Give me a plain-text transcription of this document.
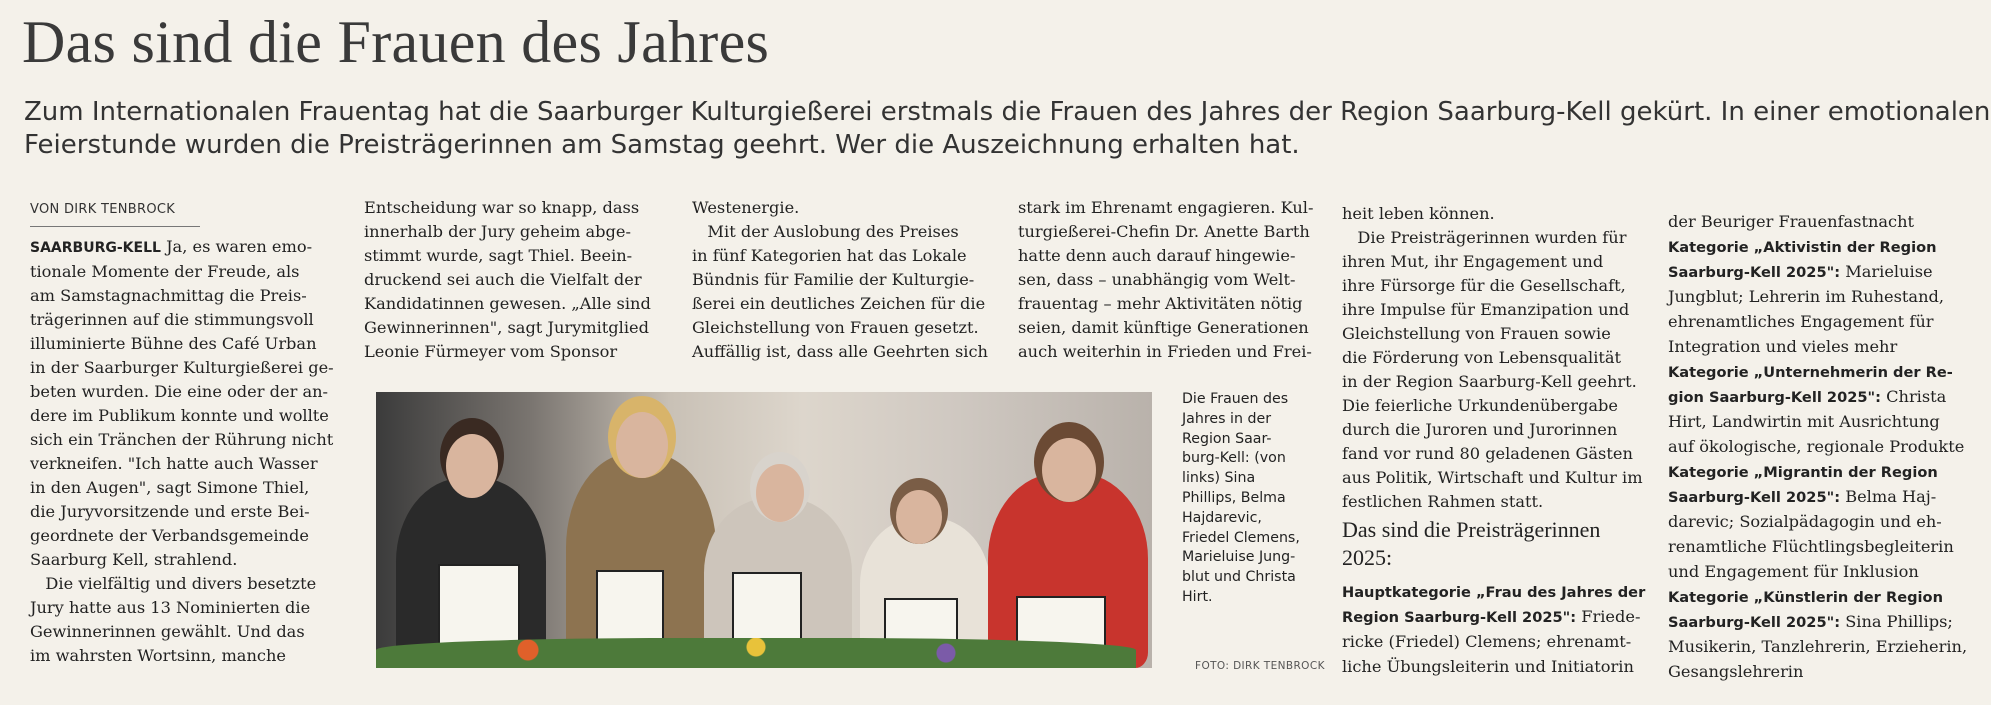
Das sind die Frauen des Jahres
Zum Internationalen Frauentag hat die Saarburger Kulturgießerei erstmals die Frauen des Jahres der Region Saarburg-Kell gekürt. In einer emotionalen
Feierstunde wurden die Preisträgerinnen am Samstag geehrt. Wer die Auszeichnung erhalten hat.
VON DIRK TENBROCK
SAARBURG-KELL Ja, es waren emo-
tionale Momente der Freude, als
am Samstagnachmittag die Preis-
trägerinnen auf die stimmungsvoll
illuminierte Bühne des Café Urban
in der Saarburger Kulturgießerei ge-
beten wurden. Die eine oder der an-
dere im Publikum konnte und wollte
sich ein Tränchen der Rührung nicht
verkneifen. "Ich hatte auch Wasser
in den Augen", sagt Simone Thiel,
die Juryvorsitzende und erste Bei-
geordnete der Verbandsgemeinde
Saarburg Kell, strahlend.
Die vielfältig und divers besetzte
Jury hatte aus 13 Nominierten die
Gewinnerinnen gewählt. Und das
im wahrsten Wortsinn, manche
Entscheidung war so knapp, dass
innerhalb der Jury geheim abge-
stimmt wurde, sagt Thiel. Beein-
druckend sei auch die Vielfalt der
Kandidatinnen gewesen. „Alle sind
Gewinnerinnen", sagt Jurymitglied
Leonie Fürmeyer vom Sponsor
Westenergie.
Mit der Auslobung des Preises
in fünf Kategorien hat das Lokale
Bündnis für Familie der Kulturgie-
ßerei ein deutliches Zeichen für die
Gleichstellung von Frauen gesetzt.
Auffällig ist, dass alle Geehrten sich
stark im Ehrenamt engagieren. Kul-
turgießerei-Chefin Dr. Anette Barth
hatte denn auch darauf hingewie-
sen, dass – unabhängig vom Welt-
frauentag – mehr Aktivitäten nötig
seien, damit künftige Generationen
auch weiterhin in Frieden und Frei-
heit leben können.
Die Preisträgerinnen wurden für
ihren Mut, ihr Engagement und
ihre Fürsorge für die Gesellschaft,
ihre Impulse für Emanzipation und
Gleichstellung von Frauen sowie
die Förderung von Lebensqualität
in der Region Saarburg-Kell geehrt.
Die feierliche Urkundenübergabe
durch die Juroren und Jurorinnen
fand vor rund 80 geladenen Gästen
aus Politik, Wirtschaft und Kultur im
festlichen Rahmen statt.
Das sind die Preisträgerinnen
2025:
Hauptkategorie „Frau des Jahres der
Region Saarburg-Kell 2025": Friede-
ricke (Friedel) Clemens; ehrenamt-
liche Übungsleiterin und Initiatorin
der Beuriger Frauenfastnacht
Kategorie „Aktivistin der Region
Saarburg-Kell 2025": Marieluise
Jungblut; Lehrerin im Ruhestand,
ehrenamtliches Engagement für
Integration und vieles mehr
Kategorie „Unternehmerin der Re-
gion Saarburg-Kell 2025": Christa
Hirt, Landwirtin mit Ausrichtung
auf ökologische, regionale Produkte
Kategorie „Migrantin der Region
Saarburg-Kell 2025": Belma Haj-
darevic; Sozialpädagogin und eh-
renamtliche Flüchtlingsbegleiterin
und Engagement für Inklusion
Kategorie „Künstlerin der Region
Saarburg-Kell 2025": Sina Phillips;
Musikerin, Tanzlehrerin, Erzieherin,
Gesangslehrerin
Die Frauen des
Jahres in der
Region Saar-
burg-Kell: (von
links) Sina
Phillips, Belma
Hajdarevic,
Friedel Clemens,
Marieluise Jung-
blut und Christa
Hirt.
FOTO: DIRK TENBROCK
